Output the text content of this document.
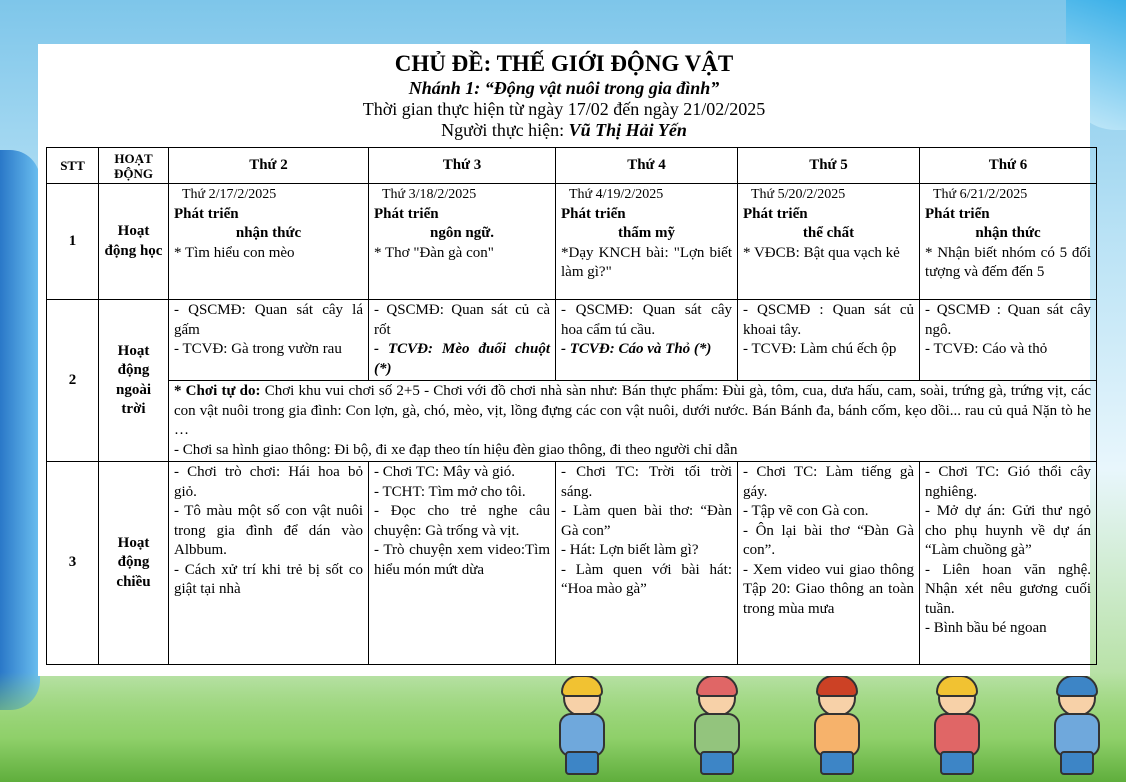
CHỦ ĐỀ: THẾ GIỚI ĐỘNG VẬT
Nhánh 1: “Động vật nuôi trong gia đình”
Thời gian thực hiện từ ngày 17/02 đến ngày 21/02/2025
Người thực hiện: Vũ Thị Hải Yến
STT	HOẠT ĐỘNG	Thứ 2	Thứ 3	Thứ 4	Thứ 5	Thứ 6
1	Hoạt động học	Thứ 2/17/2/2025
Phát triển
nhận thức
* Tìm hiểu con mèo	Thứ 3/18/2/2025
Phát triển
ngôn ngữ.
* Thơ "Đàn gà con"	Thứ 4/19/2/2025
Phát triển
thẩm mỹ
*Dạy KNCH bài: "Lợn biết làm gì?"	Thứ 5/20/2/2025
Phát triển
thể chất
* VĐCB: Bật qua vạch kẻ	Thứ 6/21/2/2025
Phát triển
nhận thức
* Nhận biết nhóm có 5 đối tượng và đếm đến 5

2	Hoạt động ngoài trời	- QSCMĐ: Quan sát cây lá gấm
- TCVĐ: Gà trong vườn rau	- QSCMĐ: Quan sát củ cà rốt
- TCVĐ: Mèo đuổi chuột (*)	- QSCMĐ: Quan sát cây hoa cẩm tú cầu.
- TCVĐ: Cáo và Thỏ (*)	- QSCMĐ : Quan sát củ khoai tây.
- TCVĐ: Làm chú ếch ộp	- QSCMĐ : Quan sát cây ngô.
- TCVĐ: Cáo và thỏ

		* Chơi tự do: Chơi khu vui chơi số 2+5 - Chơi với đồ chơi nhà sàn như: Bán thực phẩm: Đùi gà, tôm, cua, dưa hấu, cam, soài, trứng gà, trứng vịt, các con vật nuôi trong gia đình: Con lợn, gà, chó, mèo, vịt, lồng đựng các con vật nuôi, dưới nước. Bán Bánh đa, bánh cốm, kẹo dồi... rau củ quả Nặn tò he …
- Chơi sa hình giao thông: Đi bộ, đi xe đạp theo tín hiệu đèn giao thông, đi theo người chỉ dẫn				

3	Hoạt động chiều	- Chơi trò chơi: Hái hoa bỏ giỏ.
- Tô màu một số con vật nuôi trong gia đình để dán vào Albbum.
- Cách xử trí khi trẻ bị sốt co giật tại nhà	- Chơi TC: Mây và gió.
- TCHT: Tìm mở cho tôi.
- Đọc cho trẻ nghe câu chuyện: Gà trống và vịt.
- Trò chuyện xem video:Tìm hiểu món mứt dừa	- Chơi TC: Trời tối trời sáng.
- Làm quen bài thơ: “Đàn Gà con”
- Hát: Lợn biết làm gì?
- Làm quen với bài hát: “Hoa mào gà”	- Chơi TC: Làm tiếng gà gáy.
- Tập vẽ con Gà con.
- Ôn lại bài thơ “Đàn Gà con”.
- Xem video vui giao thông Tập 20: Giao thông an toàn trong mùa mưa	- Chơi TC: Gió thổi cây nghiêng.
- Mở dự án: Gửi thư ngỏ cho phụ huynh về dự án “Làm chuồng gà”
- Liên hoan văn nghệ. Nhận xét nêu gương cuối tuần.
- Bình bầu bé ngoan
